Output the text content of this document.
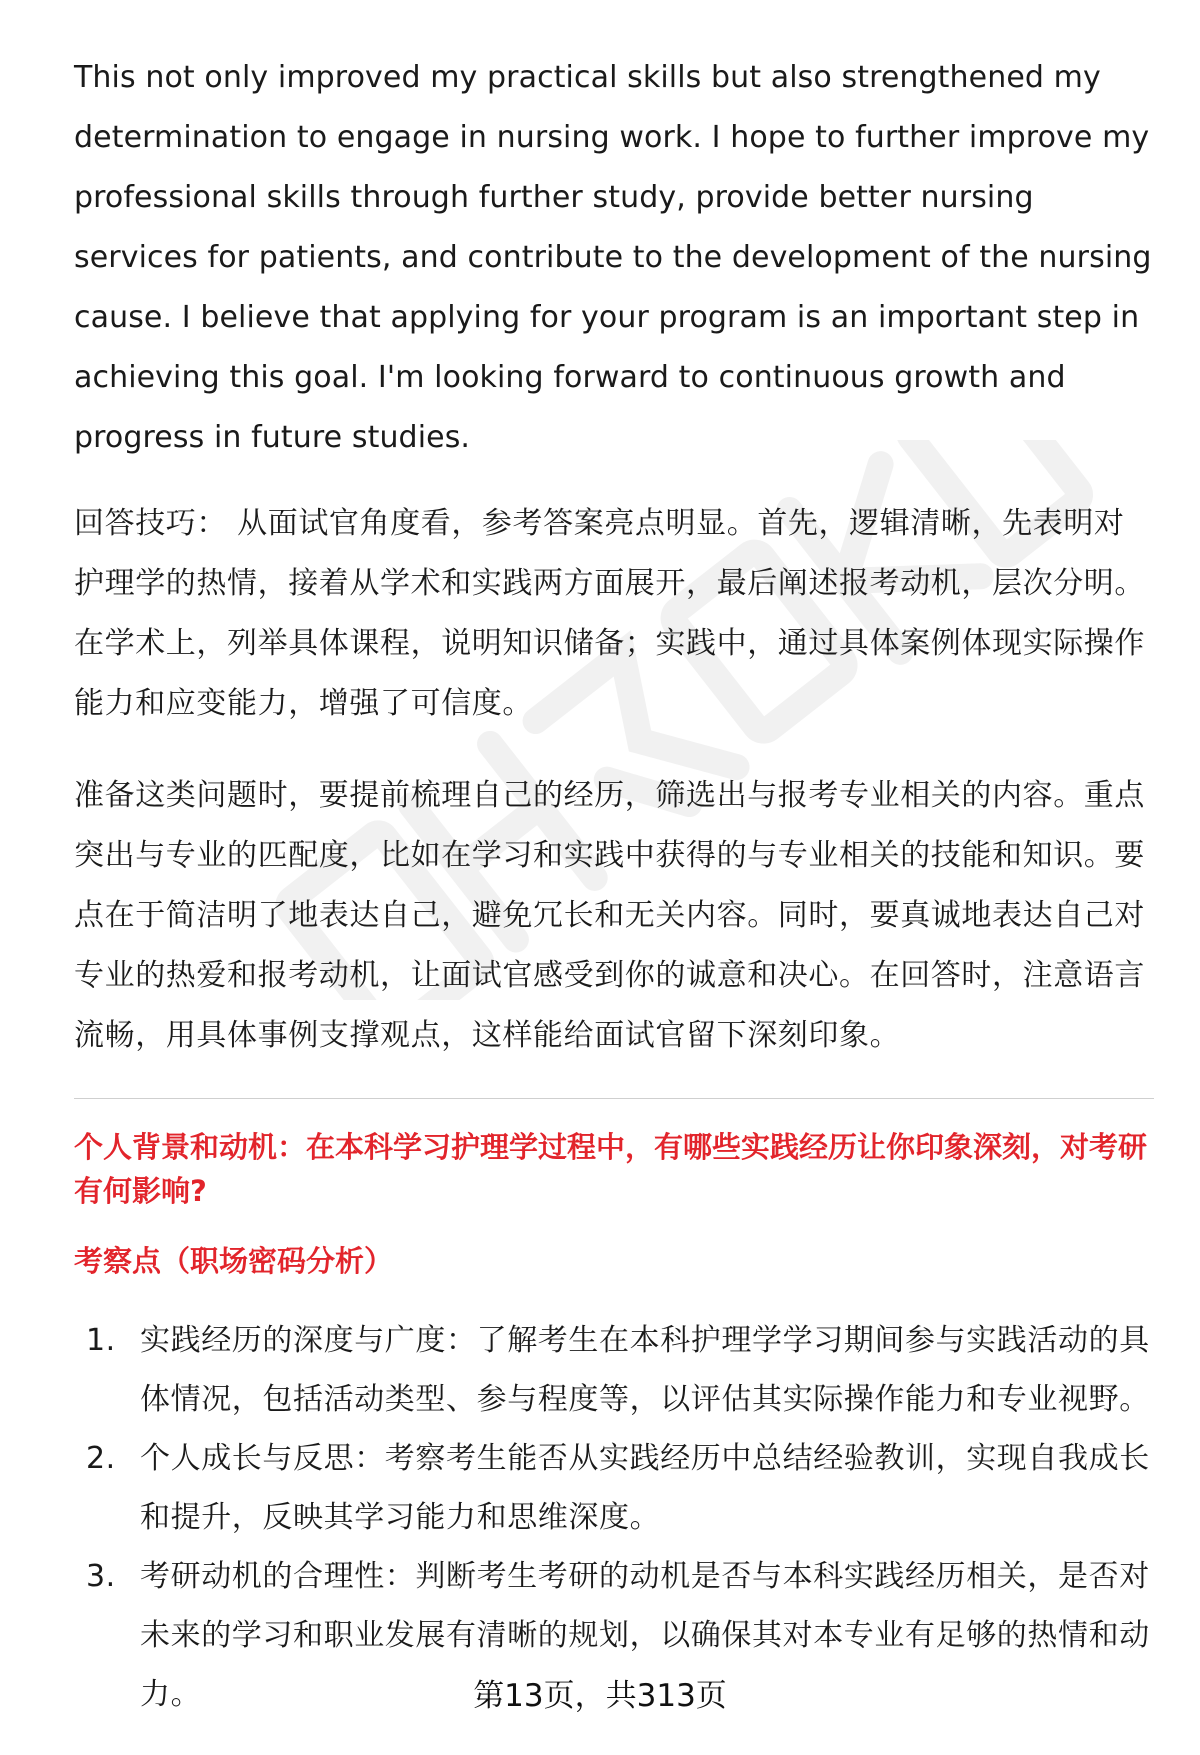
This not only improved my practical skills but also strengthened my determination to engage in nursing work. I hope to further improve my professional skills through further study, provide better nursing services for patients, and contribute to the development of the nursing cause. I believe that applying for your program is an important step in achieving this goal. I'm looking forward to continuous growth and progress in future studies.

回答技巧： 从面试官角度看，参考答案亮点明显。首先，逻辑清晰，先表明对护理学的热情，接着从学术和实践两方面展开，最后阐述报考动机，层次分明。在学术上，列举具体课程，说明知识储备；实践中，通过具体案例体现实际操作能力和应变能力，增强了可信度。

准备这类问题时，要提前梳理自己的经历，筛选出与报考专业相关的内容。重点突出与专业的匹配度，比如在学习和实践中获得的与专业相关的技能和知识。要点在于简洁明了地表达自己，避免冗长和无关内容。同时，要真诚地表达自己对专业的热爱和报考动机，让面试官感受到你的诚意和决心。在回答时，注意语言流畅，用具体事例支撑观点，这样能给面试官留下深刻印象。

个人背景和动机：在本科学习护理学过程中，有哪些实践经历让你印象深刻，对考研有何影响?
考察点（职场密码分析）
1. 实践经历的深度与广度：了解考生在本科护理学学习期间参与实践活动的具体情况，包括活动类型、参与程度等，以评估其实际操作能力和专业视野。
2. 个人成长与反思：考察考生能否从实践经历中总结经验教训，实现自我成长和提升，反映其学习能力和思维深度。
3. 考研动机的合理性：判断考生考研的动机是否与本科实践经历相关，是否对未来的学习和职业发展有清晰的规划，以确保其对本专业有足够的热情和动力。	第13页，共313页
